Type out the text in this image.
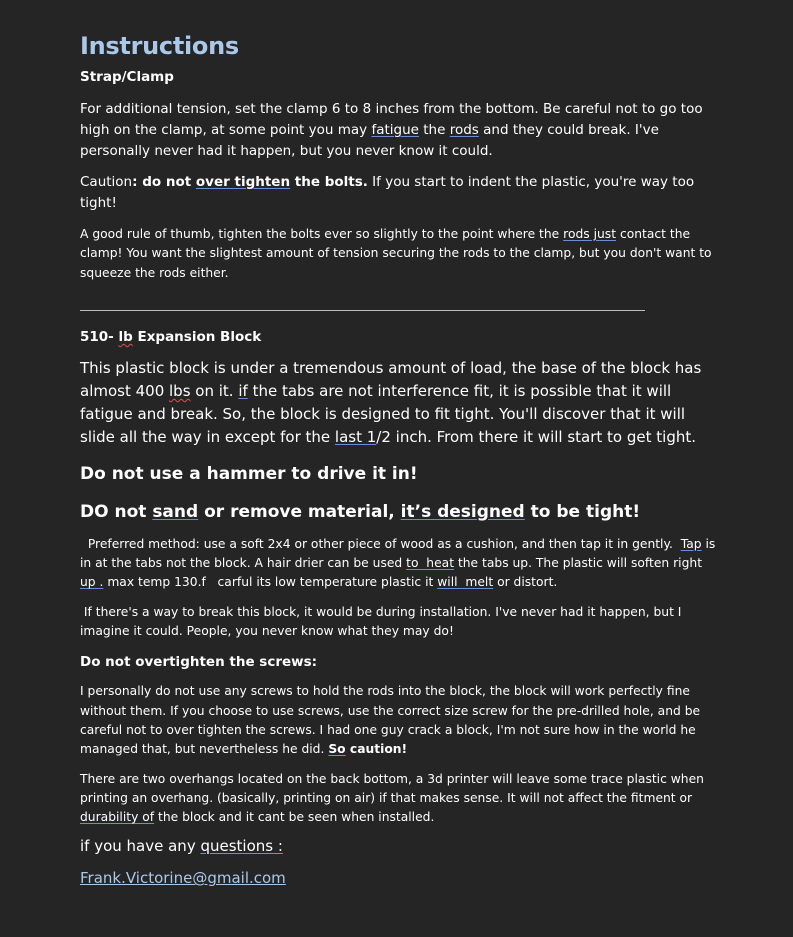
Instructions
Strap/Clamp

For additional tension, set the clamp 6 to 8 inches from the bottom. Be careful not to go too high on the clamp, at some point you may fatigue the rods and they could break. I've personally never had it happen, but you never know it could.

Caution: do not over tighten the bolts. If you start to indent the plastic, you're way too tight!

A good rule of thumb, tighten the bolts ever so slightly to the point where the rods just contact the clamp! You want the slightest amount of tension securing the rods to the clamp, but you don't want to squeeze the rods either.

510- lb Expansion Block

This plastic block is under a tremendous amount of load, the base of the block has almost 400 lbs on it. if the tabs are not interference fit, it is possible that it will fatigue and break. So, the block is designed to fit tight. You'll discover that it will slide all the way in except for the last 1/2 inch. From there it will start to get tight.

Do not use a hammer to drive it in!

DO not sand or remove material, it’s designed to be tight!

Preferred method: use a soft 2x4 or other piece of wood as a cushion, and then tap it in gently.  Tap is in at the tabs not the block. A hair drier can be used to  heat the tabs up. The plastic will soften right up . max temp 130.f   carful its low temperature plastic it will  melt or distort.

If there's a way to break this block, it would be during installation. I've never had it happen, but I imagine it could. People, you never know what they may do!

Do not overtighten the screws:

I personally do not use any screws to hold the rods into the block, the block will work perfectly fine without them. If you choose to use screws, use the correct size screw for the pre-drilled hole, and be careful not to over tighten the screws. I had one guy crack a block, I'm not sure how in the world he managed that, but nevertheless he did. So caution!

There are two overhangs located on the back bottom, a 3d printer will leave some trace plastic when printing an overhang. (basically, printing on air) if that makes sense. It will not affect the fitment or durability of the block and it cant be seen when installed.

if you have any questions :

Frank.Victorine@gmail.com
